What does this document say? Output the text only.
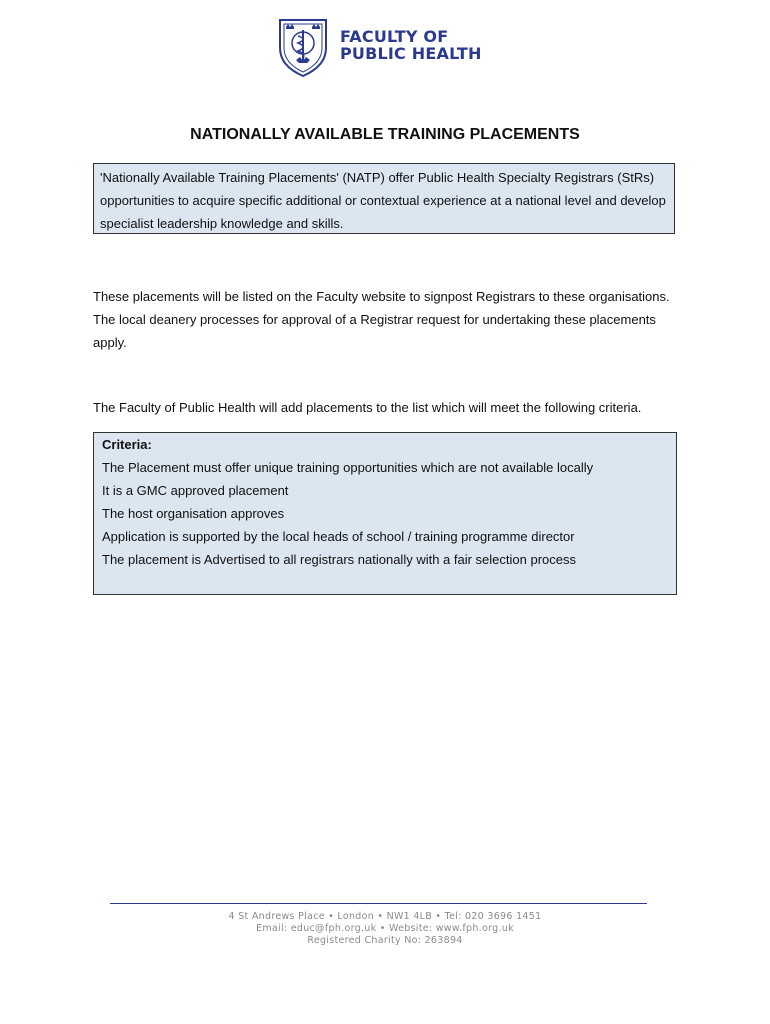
FACULTY OF
PUBLIC HEALTH
NATIONALLY AVAILABLE TRAINING PLACEMENTS
'Nationally Available Training Placements' (NATP) offer Public Health Specialty Registrars (StRs) opportunities to acquire specific additional or contextual experience at a national level and develop specialist leadership knowledge and skills.
These placements will be listed on the Faculty website to signpost Registrars to these organisations. The local deanery processes for approval of a Registrar request for undertaking these placements apply.
The Faculty of Public Health will add placements to the list which will meet the following criteria.
Criteria:
The Placement must offer unique training opportunities which are not available locally
It is a GMC approved placement
The host organisation approves
Application is supported by the local heads of school / training programme director
The placement is Advertised to all registrars nationally with a fair selection process
4 St Andrews Place • London • NW1 4LB • Tel: 020 3696 1451
Email: educ@fph.org.uk • Website: www.fph.org.uk
Registered Charity No: 263894
